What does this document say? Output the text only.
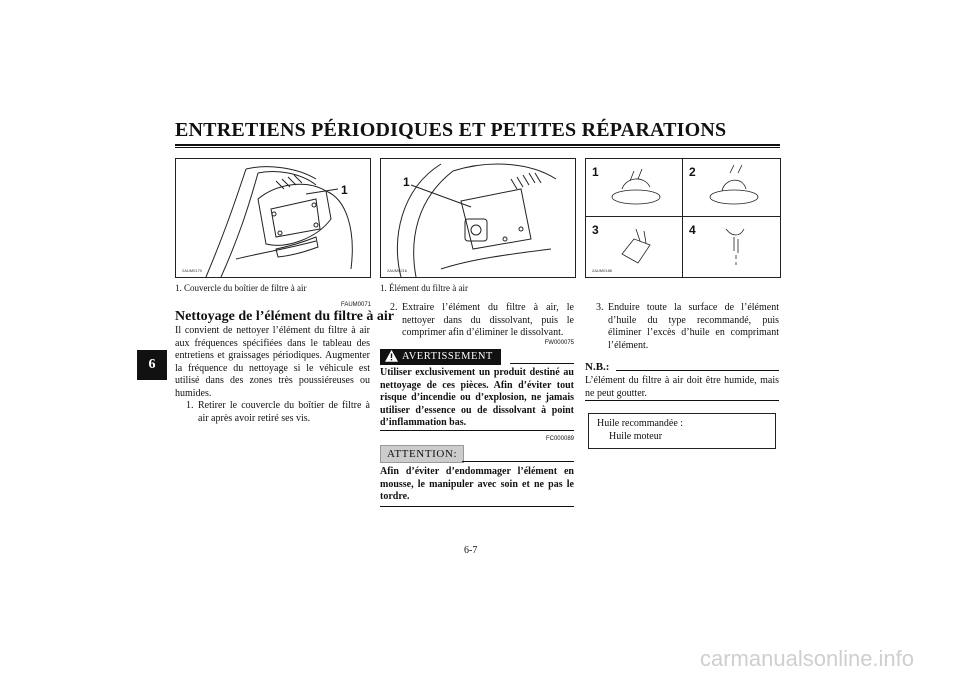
ENTRETIENS PÉRIODIQUES ET PETITES RÉPARATIONS
6
1
2AUM0170
1. Couvercle du boîtier de filtre à air
1
2AUM0216
1. Élément du filtre à air
1	2
3	4
2AUM0186
FAUM0071
Nettoyage de l’élément du filtre à air
Il convient de nettoyer l’élément du filtre à air aux fréquences spécifiées dans le tableau des entretiens et graissages périodiques. Augmenter la fréquence du nettoyage si le véhicule est utilisé dans des zones très poussiéreuses ou humides.
1. Retirer le couvercle du boîtier de filtre à air après avoir retiré ses vis.
2. Extraire l’élément du filtre à air, le nettoyer dans du dissolvant, puis le comprimer afin d’éliminer le dissolvant.
FW000075
AVERTISSEMENT
Utiliser exclusivement un produit destiné au nettoyage de ces pièces. Afin d’éviter tout risque d’incendie ou d’explosion, ne jamais utiliser d’essence ou de dissolvant à point d’inflammation bas.
FC000089
ATTENTION:
Afin d’éviter d’endommager l’élément en mousse, le manipuler avec soin et ne pas le tordre.
3. Enduire toute la surface de l’élément d’huile du type recommandé, puis éliminer l’excès d’huile en comprimant l’élément.
N.B.:
L’élément du filtre à air doit être humide, mais ne peut goutter.
Huile recommandée :
Huile moteur
6-7
carmanualsonline.info
